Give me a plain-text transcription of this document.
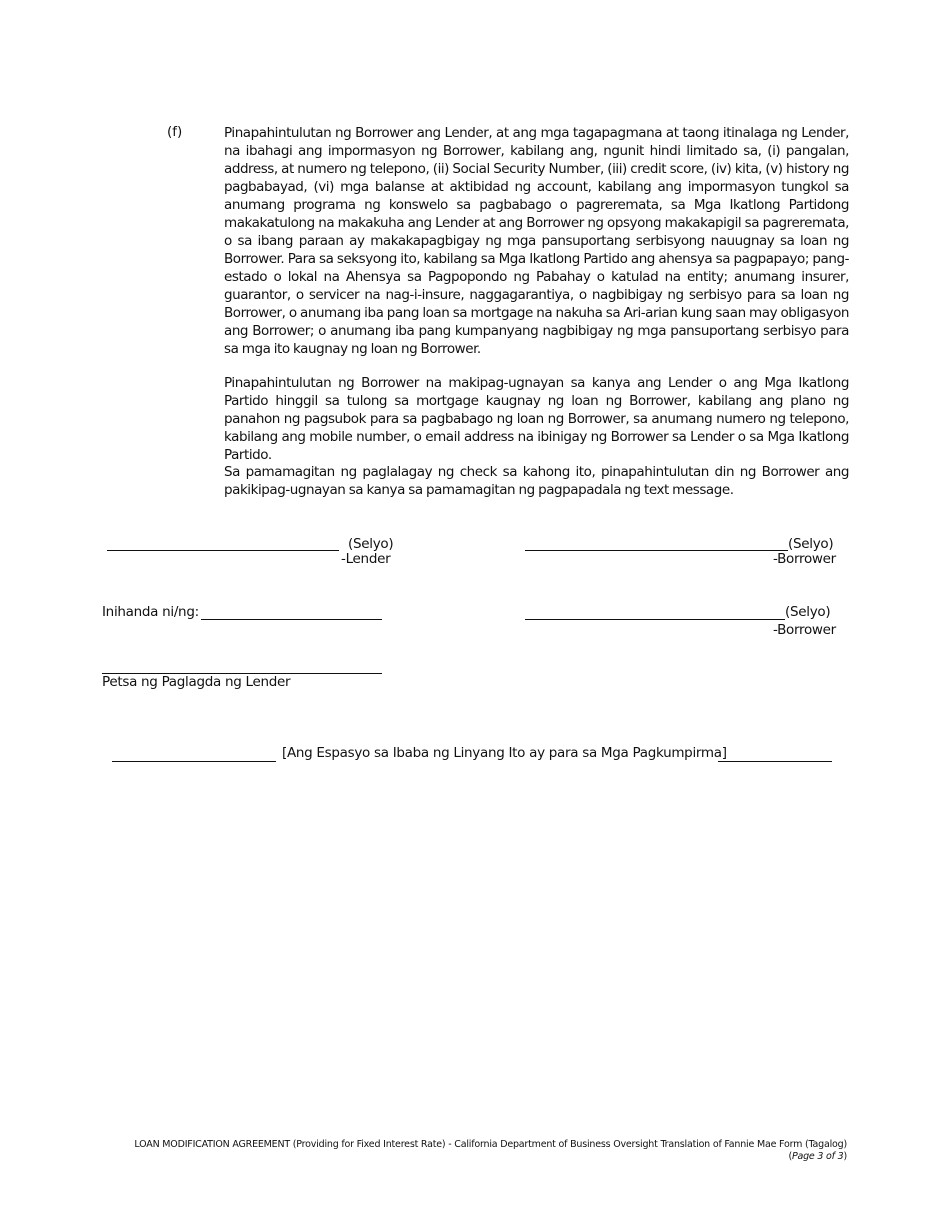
(f)	Pinapahintulutan ng Borrower ang Lender, at ang mga tagapagmana at taong itinalaga ng Lender, na ibahagi ang impormasyon ng Borrower, kabilang ang, ngunit hindi limitado sa, (i) pangalan, address, at numero ng telepono, (ii) Social Security Number, (iii) credit score, (iv) kita, (v) history ng pagbabayad, (vi) mga balanse at aktibidad ng account, kabilang ang impormasyon tungkol sa anumang programa ng konswelo sa pagbabago o pagreremata, sa Mga Ikatlong Partidong makakatulong na makakuha ang Lender at ang Borrower ng opsyong makakapigil sa pagreremata, o sa ibang paraan ay makakapagbigay ng mga pansuportang serbisyong nauugnay sa loan ng Borrower. Para sa seksyong ito, kabilang sa Mga Ikatlong Partido ang ahensya sa pagpapayo; pang-estado o lokal na Ahensya sa Pagpopondo ng Pabahay o katulad na entity; anumang insurer, guarantor, o servicer na nag-i-insure, naggagarantiya, o nagbibigay ng serbisyo para sa loan ng Borrower, o anumang iba pang loan sa mortgage na nakuha sa Ari-arian kung saan may obligasyon ang Borrower; o anumang iba pang kumpanyang nagbibigay ng mga pansuportang serbisyo para sa mga ito kaugnay ng loan ng Borrower.
Pinapahintulutan ng Borrower na makipag-ugnayan sa kanya ang Lender o ang Mga Ikatlong Partido hinggil sa tulong sa mortgage kaugnay ng loan ng Borrower, kabilang ang plano ng panahon ng pagsubok para sa pagbabago ng loan ng Borrower, sa anumang numero ng telepono, kabilang ang mobile number, o email address na ibinigay ng Borrower sa Lender o sa Mga Ikatlong Partido.
Sa pamamagitan ng paglalagay ng check sa kahong ito, pinapahintulutan din ng Borrower ang pakikipag-ugnayan sa kanya sa pamamagitan ng pagpapadala ng text message.
(Selyo)
-Lender
(Selyo)
-Borrower
Inihanda ni/ng:	(Selyo)
-Borrower
Petsa ng Paglagda ng Lender
[Ang Espasyo sa Ibaba ng Linyang Ito ay para sa Mga Pagkumpirma]
LOAN MODIFICATION AGREEMENT (Providing for Fixed Interest Rate) - California Department of Business Oversight Translation of Fannie Mae Form (Tagalog)
(Page 3 of 3)
